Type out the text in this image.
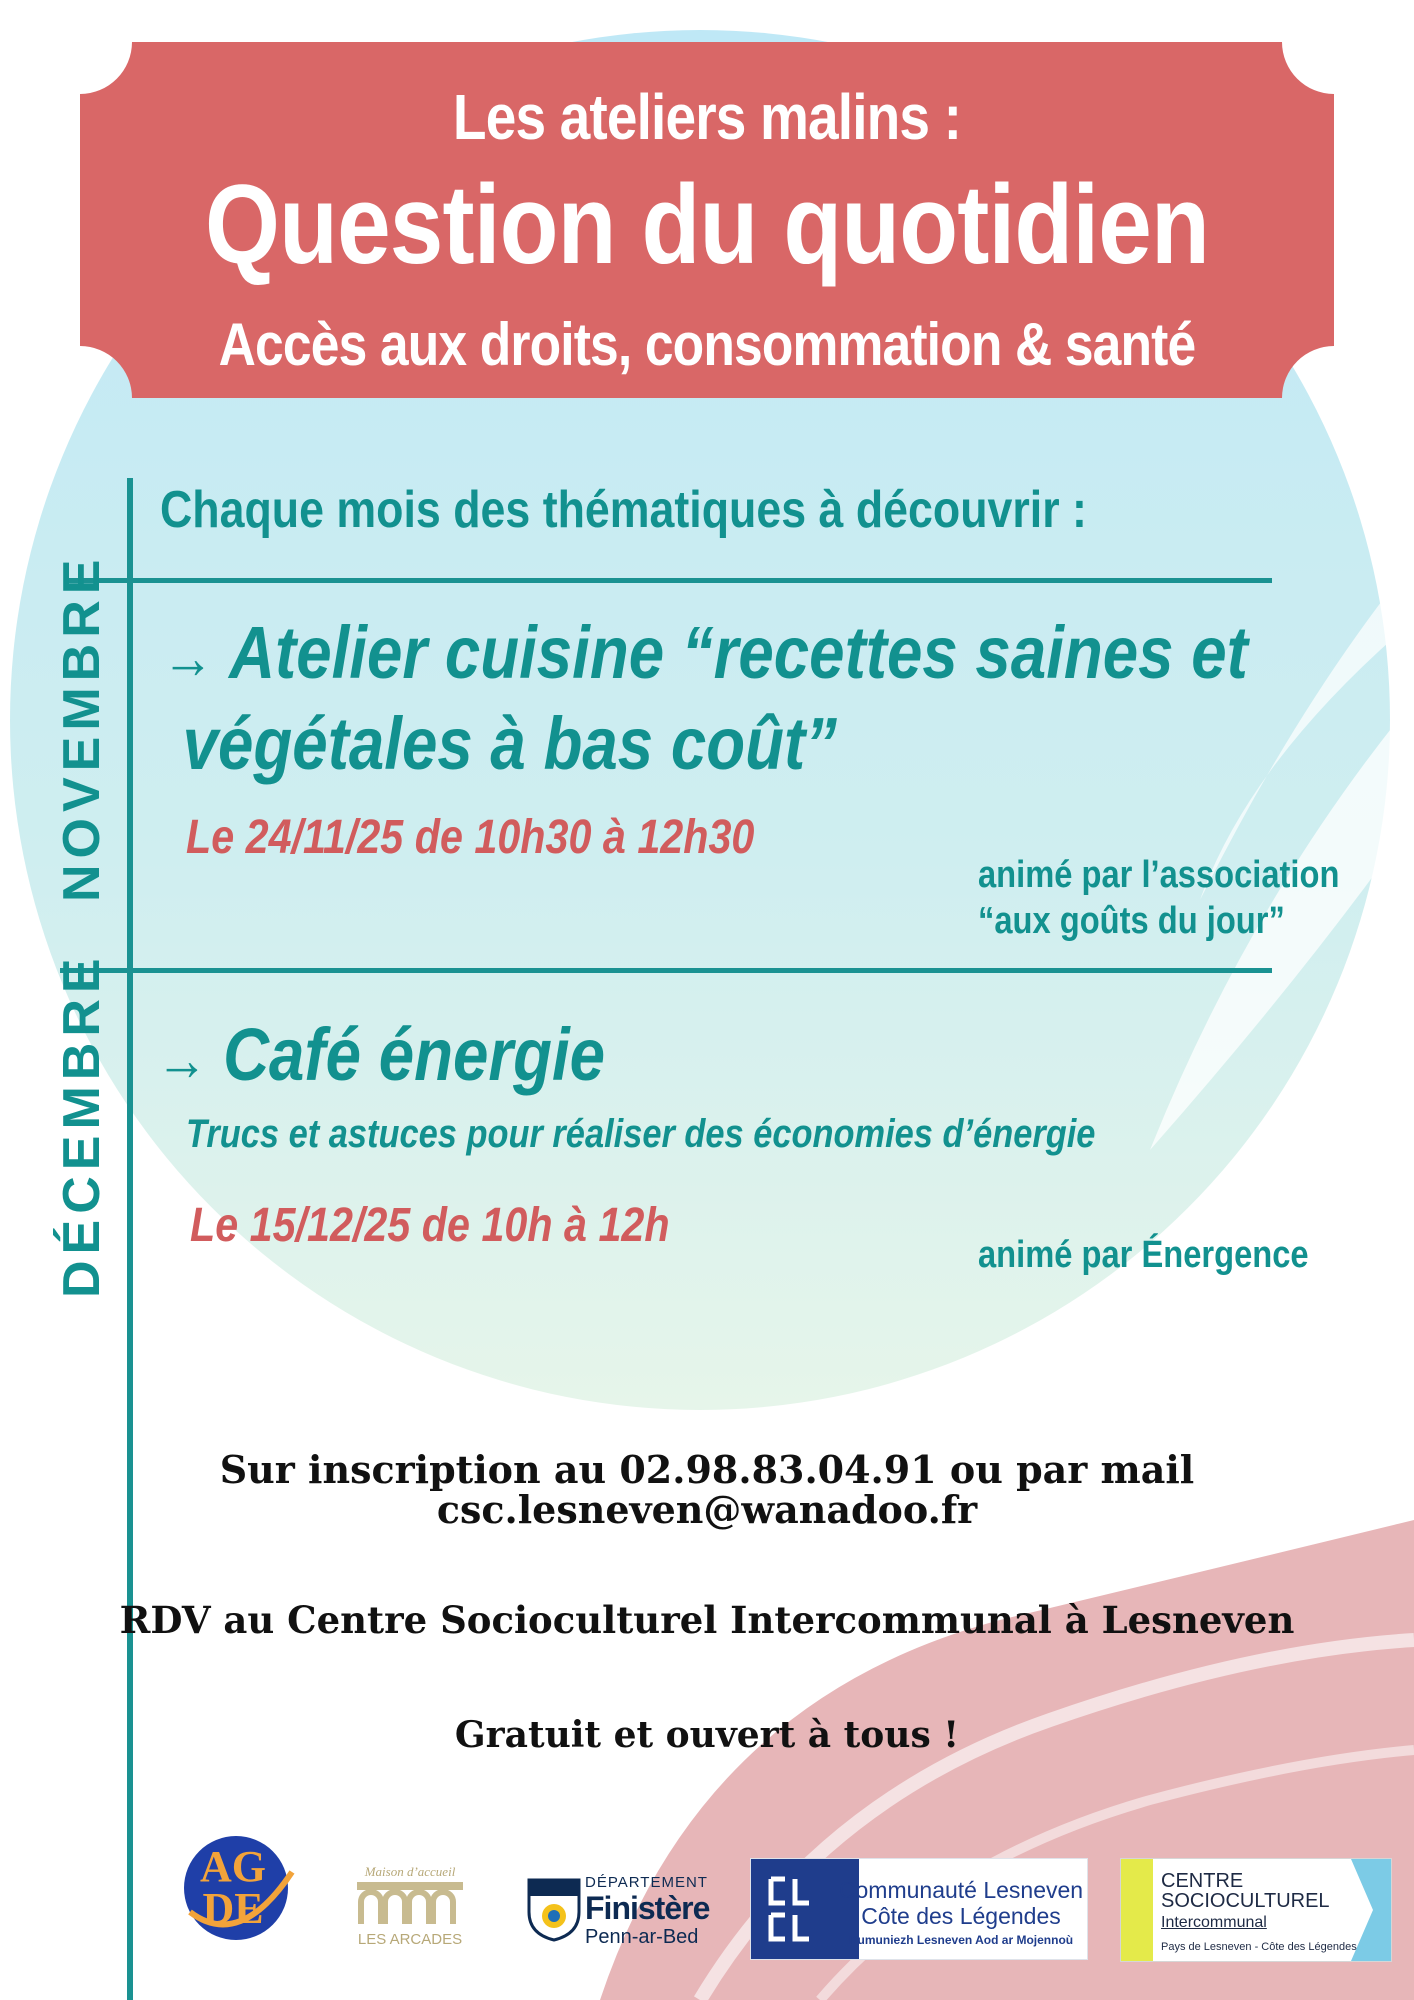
Les ateliers malins :
Question du quotidien
Accès aux droits, consommation & santé
Chaque mois des thématiques à découvrir :
NOVEMBRE → Atelier cuisine “recettes saines et
végétales à bas coût”
Le 24/11/25 de 10h30 à 12h30
animé par l’association
“aux goûts du jour”
DÉCEMBRE → Café énergie
Trucs et astuces pour réaliser des économies d’énergie
Le 15/12/25 de 10h à 12h
animé par Énergence
Sur inscription au 02.98.83.04.91 ou par mail
csc.lesneven@wanadoo.fr
RDV au Centre Socioculturel Intercommunal à Lesneven
Gratuit et ouvert à tous !
AG
DE
Maison d’accueil
LES ARCADES
DÉPARTEMENT
Finistère
Penn-ar-Bed
Communauté Lesneven
Côte des Légendes
Kumuniezh Lesneven Aod ar Mojennoù
CENTRE
SOCIOCULTUREL
Intercommunal
Pays de Lesneven - Côte des Légendes
